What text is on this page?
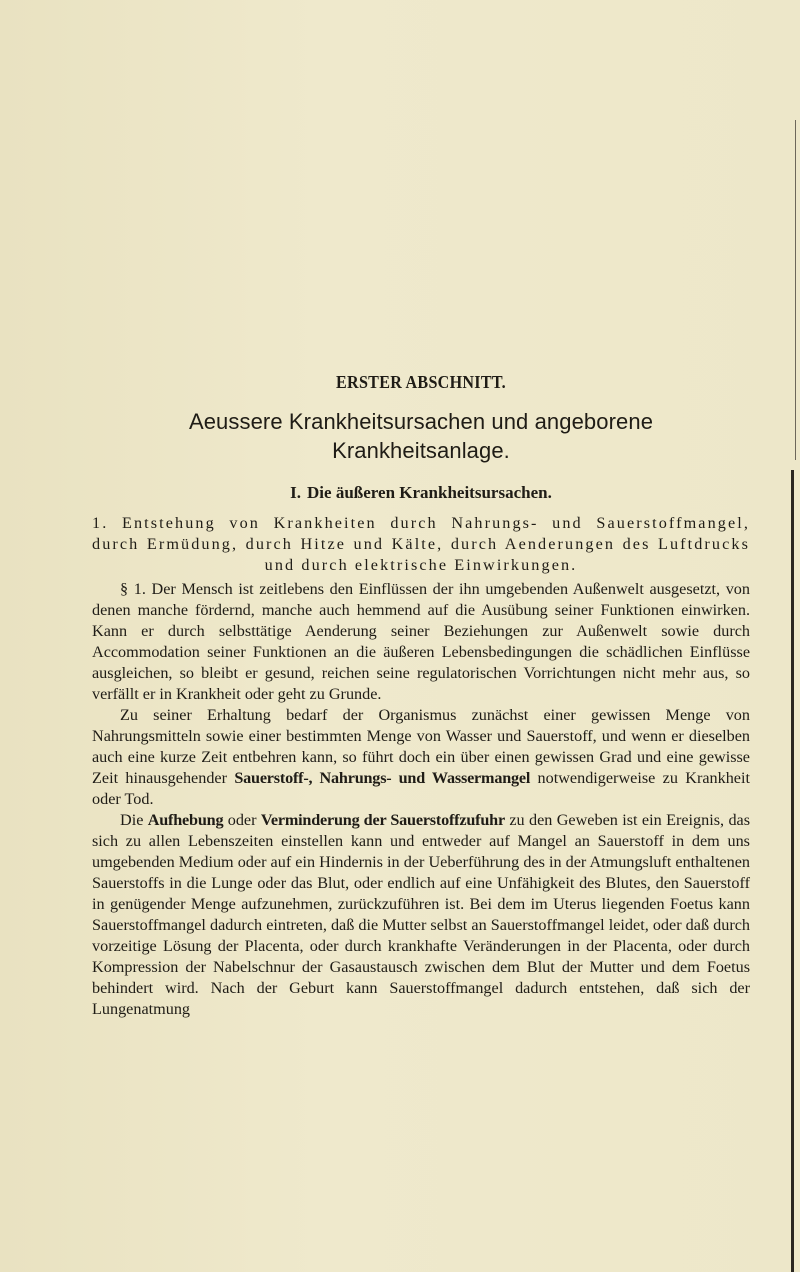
ERSTER ABSCHNITT.
Aeussere Krankheitsursachen und angeborene
Krankheitsanlage.
I. Die äußeren Krankheitsursachen.
1. Entstehung von Krankheiten durch Nahrungs- und Sauerstoffmangel, durch Ermüdung, durch Hitze und Kälte, durch Aenderungen des Luftdrucks und durch elektrische Einwirkungen.

§ 1. Der Mensch ist zeitlebens den Einflüssen der ihn umgebenden Außenwelt ausgesetzt, von denen manche fördernd, manche auch hemmend auf die Ausübung seiner Funktionen einwirken. Kann er durch selbsttätige Aenderung seiner Beziehungen zur Außenwelt sowie durch Accommodation seiner Funktionen an die äußeren Lebensbedingungen die schädlichen Einflüsse ausgleichen, so bleibt er gesund, reichen seine regulatorischen Vorrichtungen nicht mehr aus, so verfällt er in Krankheit oder geht zu Grunde.

Zu seiner Erhaltung bedarf der Organismus zunächst einer gewissen Menge von Nahrungsmitteln sowie einer bestimmten Menge von Wasser und Sauerstoff, und wenn er dieselben auch eine kurze Zeit entbehren kann, so führt doch ein über einen gewissen Grad und eine gewisse Zeit hinausgehender Sauerstoff-, Nahrungs- und Wassermangel notwendigerweise zu Krankheit oder Tod.

Die Aufhebung oder Verminderung der Sauerstoffzufuhr zu den Geweben ist ein Ereignis, das sich zu allen Lebenszeiten einstellen kann und entweder auf Mangel an Sauerstoff in dem uns umgebenden Medium oder auf ein Hindernis in der Ueberführung des in der Atmungsluft enthaltenen Sauerstoffs in die Lunge oder das Blut, oder endlich auf eine Unfähigkeit des Blutes, den Sauerstoff in genügender Menge aufzunehmen, zurückzuführen ist. Bei dem im Uterus liegenden Foetus kann Sauerstoffmangel dadurch eintreten, daß die Mutter selbst an Sauerstoffmangel leidet, oder daß durch vorzeitige Lösung der Placenta, oder durch krankhafte Veränderungen in der Placenta, oder durch Kompression der Nabelschnur der Gasaustausch zwischen dem Blut der Mutter und dem Foetus behindert wird. Nach der Geburt kann Sauerstoffmangel dadurch entstehen, daß sich der Lungenatmung
